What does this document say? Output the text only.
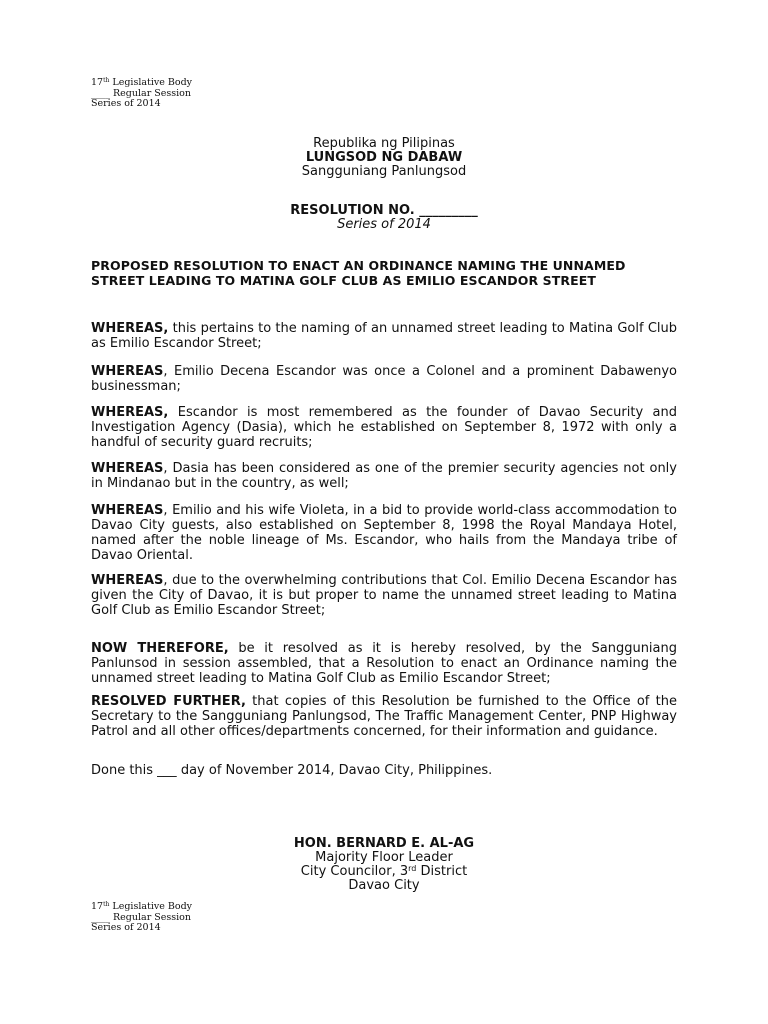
17th Legislative Body
____ Regular Session
Series of 2014
Republika ng Pilipinas
LUNGSOD NG DABAW
Sangguniang Panlungsod
RESOLUTION NO. _________
Series of 2014
PROPOSED RESOLUTION TO ENACT AN ORDINANCE NAMING THE UNNAMED STREET LEADING TO MATINA GOLF CLUB AS EMILIO ESCANDOR STREET
WHEREAS, this pertains to the naming of an unnamed street leading to Matina Golf Club as Emilio Escandor Street;
WHEREAS, Emilio Decena Escandor was once a Colonel and a prominent Dabawenyo businessman;
WHEREAS, Escandor is most remembered as the founder of Davao Security and Investigation Agency (Dasia), which he established on September 8, 1972 with only a handful of security guard recruits;
WHEREAS, Dasia has been considered as one of the premier security agencies not only in Mindanao but in the country, as well;
WHEREAS, Emilio and his wife Violeta, in a bid to provide world-class accommodation to Davao City guests, also established on September 8, 1998 the Royal Mandaya Hotel, named after the noble lineage of Ms. Escandor, who hails from the Mandaya tribe of Davao Oriental.
WHEREAS, due to the overwhelming contributions that Col. Emilio Decena Escandor has given the City of Davao, it is but proper to name the unnamed street leading to Matina Golf Club as Emilio Escandor Street;
NOW THEREFORE, be it resolved as it is hereby resolved, by the Sangguniang Panlunsod in session assembled, that a Resolution to enact an Ordinance naming the unnamed street leading to Matina Golf Club as Emilio Escandor Street;
RESOLVED FURTHER, that copies of this Resolution be furnished to the Office of the Secretary to the Sangguniang Panlungsod, The Traffic Management Center, PNP Highway Patrol and all other offices/departments concerned, for their information and guidance.
Done this ___ day of November 2014, Davao City, Philippines.
HON. BERNARD E. AL-AG
Majority Floor Leader
City Councilor, 3rd District
Davao City
17th Legislative Body
____ Regular Session
Series of 2014
